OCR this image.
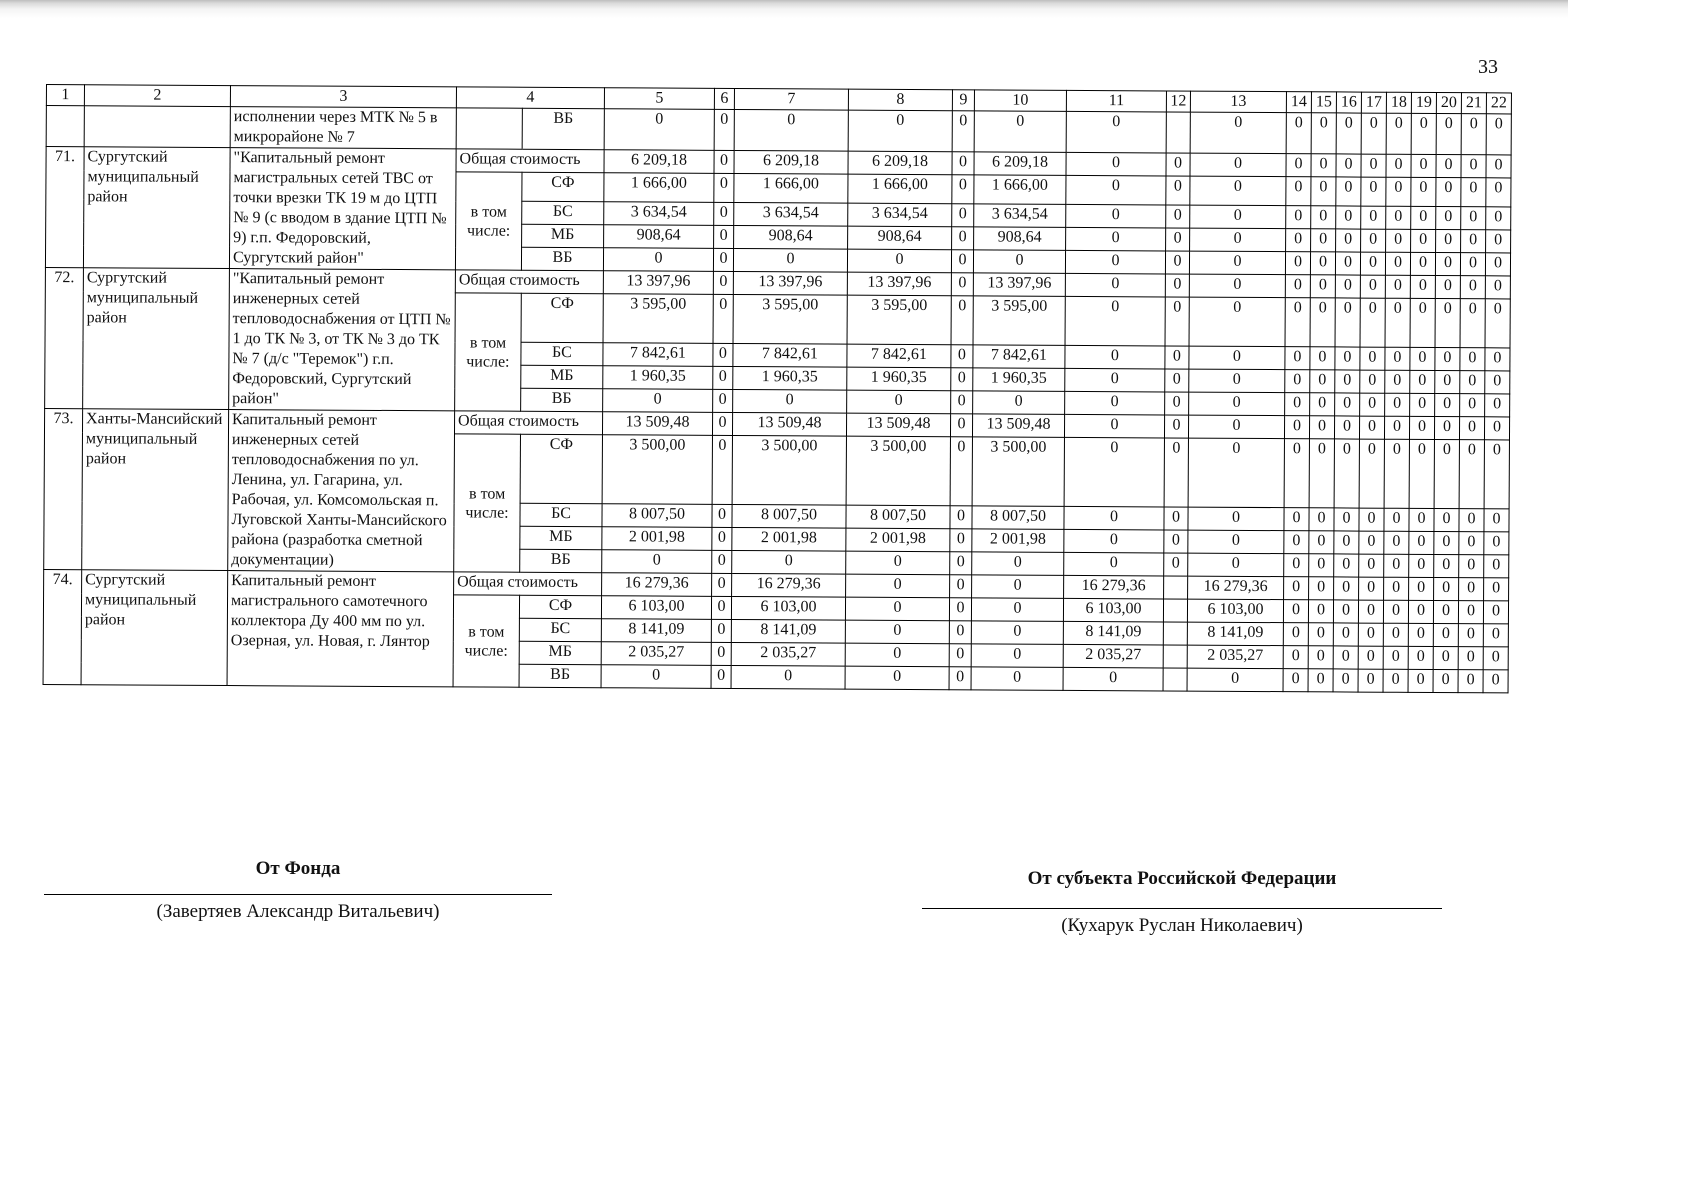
33
1	2	3	4		5	6	7	8	9	10	11	12	13	14	15	16	17	18	19	20	21	22
		исполнении через МТК № 5 в микрорайоне № 7		ВБ	0	0	0	0	0	0	0		0	0	0	0	0	0	0	0	0	0
71.	Сургутский муниципальный район	"Капитальный ремонт магистральных сетей ТВС от точки врезки ТК 19 м до ЦТП № 9 (с вводом в здание ЦТП № 9) г.п. Федоровский, Сургутский район"	Общая стоимость		6 209,18	0	6 209,18	6 209,18	0	6 209,18	0	0	0	0	0	0	0	0	0	0	0	0
			в том числе:	СФ	1 666,00	0	1 666,00	1 666,00	0	1 666,00	0	0	0	0	0	0	0	0	0	0	0	0
				БС	3 634,54	0	3 634,54	3 634,54	0	3 634,54	0	0	0	0	0	0	0	0	0	0	0	0
				МБ	908,64	0	908,64	908,64	0	908,64	0	0	0	0	0	0	0	0	0	0	0	0
				ВБ	0	0	0	0	0	0	0	0	0	0	0	0	0	0	0	0	0	0
72.	Сургутский муниципальный район	"Капитальный ремонт инженерных сетей тепловодоснабжения от ЦТП № 1 до ТК № 3, от ТК № 3 до ТК № 7 (д/с "Теремок") г.п. Федоровский, Сургутский район"	Общая стоимость		13 397,96	0	13 397,96	13 397,96	0	13 397,96	0	0	0	0	0	0	0	0	0	0	0	0
			в том числе:	СФ	3 595,00	0	3 595,00	3 595,00	0	3 595,00	0	0	0	0	0	0	0	0	0	0	0	0
				БС	7 842,61	0	7 842,61	7 842,61	0	7 842,61	0	0	0	0	0	0	0	0	0	0	0	0
				МБ	1 960,35	0	1 960,35	1 960,35	0	1 960,35	0	0	0	0	0	0	0	0	0	0	0	0
				ВБ	0	0	0	0	0	0	0	0	0	0	0	0	0	0	0	0	0	0
73.	Ханты-Мансийский муниципальный район	Капитальный ремонт инженерных сетей тепловодоснабжения по ул. Ленина, ул. Гагарина, ул. Рабочая, ул. Комсомольская п. Луговской Ханты-Мансийского района (разработка сметной документации)	Общая стоимость		13 509,48	0	13 509,48	13 509,48	0	13 509,48	0	0	0	0	0	0	0	0	0	0	0	0
			в том числе:	СФ	3 500,00	0	3 500,00	3 500,00	0	3 500,00	0	0	0	0	0	0	0	0	0	0	0	0
				БС	8 007,50	0	8 007,50	8 007,50	0	8 007,50	0	0	0	0	0	0	0	0	0	0	0	0
				МБ	2 001,98	0	2 001,98	2 001,98	0	2 001,98	0	0	0	0	0	0	0	0	0	0	0	0
				ВБ	0	0	0	0	0	0	0	0	0	0	0	0	0	0	0	0	0	0
74.	Сургутский муниципальный район	Капитальный ремонт магистрального самотечного коллектора Ду 400 мм по ул. Озерная, ул. Новая, г. Лянтор	Общая стоимость		16 279,36	0	16 279,36	0	0	0	16 279,36		16 279,36	0	0	0	0	0	0	0	0	0
			в том числе:	СФ	6 103,00	0	6 103,00	0	0	0	6 103,00		6 103,00	0	0	0	0	0	0	0	0	0
				БС	8 141,09	0	8 141,09	0	0	0	8 141,09		8 141,09	0	0	0	0	0	0	0	0	0
				МБ	2 035,27	0	2 035,27	0	0	0	2 035,27		2 035,27	0	0	0	0	0	0	0	0	0
				ВБ	0	0	0	0	0	0	0		0	0	0	0	0	0	0	0	0	0
От Фонда
(Завертяев Александр Витальевич)
От субъекта Российской Федерации
(Кухарук Руслан Николаевич)
